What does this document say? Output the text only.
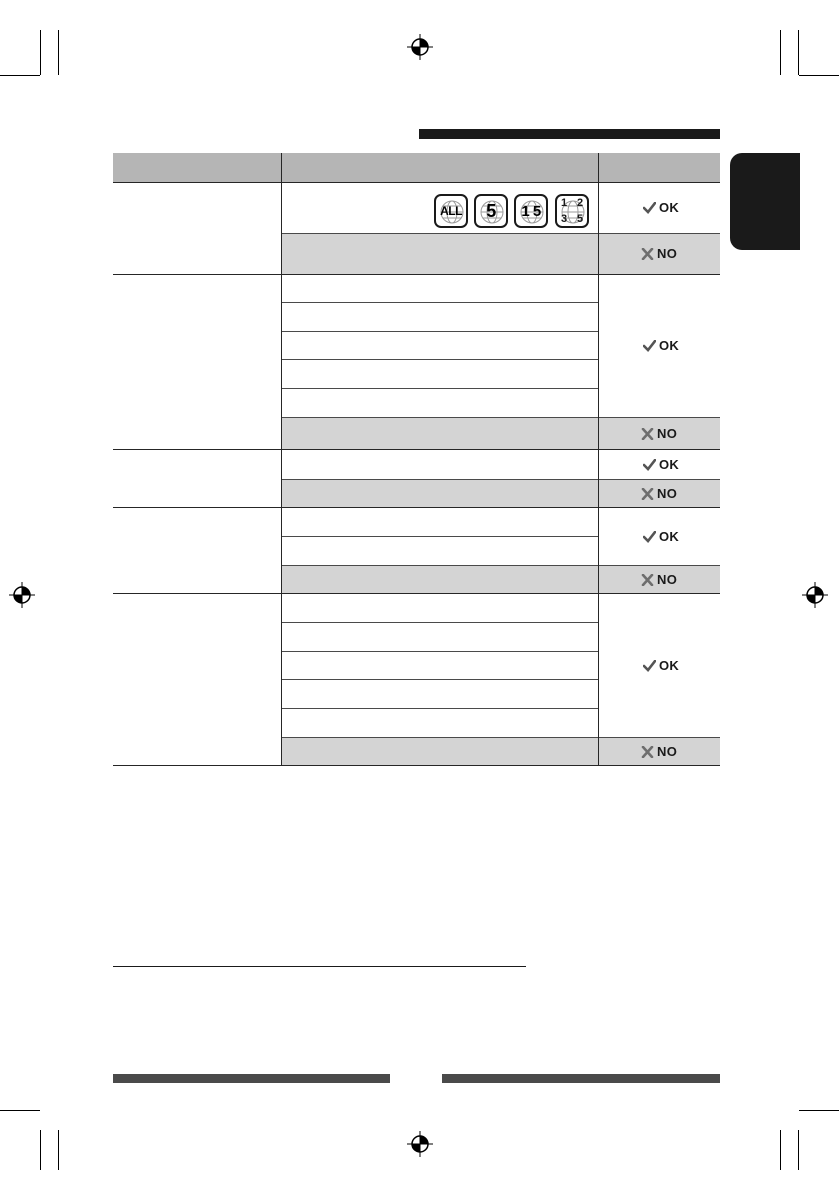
ALL 5 1 5 1 2
3 5
OK
NO
OK
NO
OK
NO
OK
NO
OK
NO
